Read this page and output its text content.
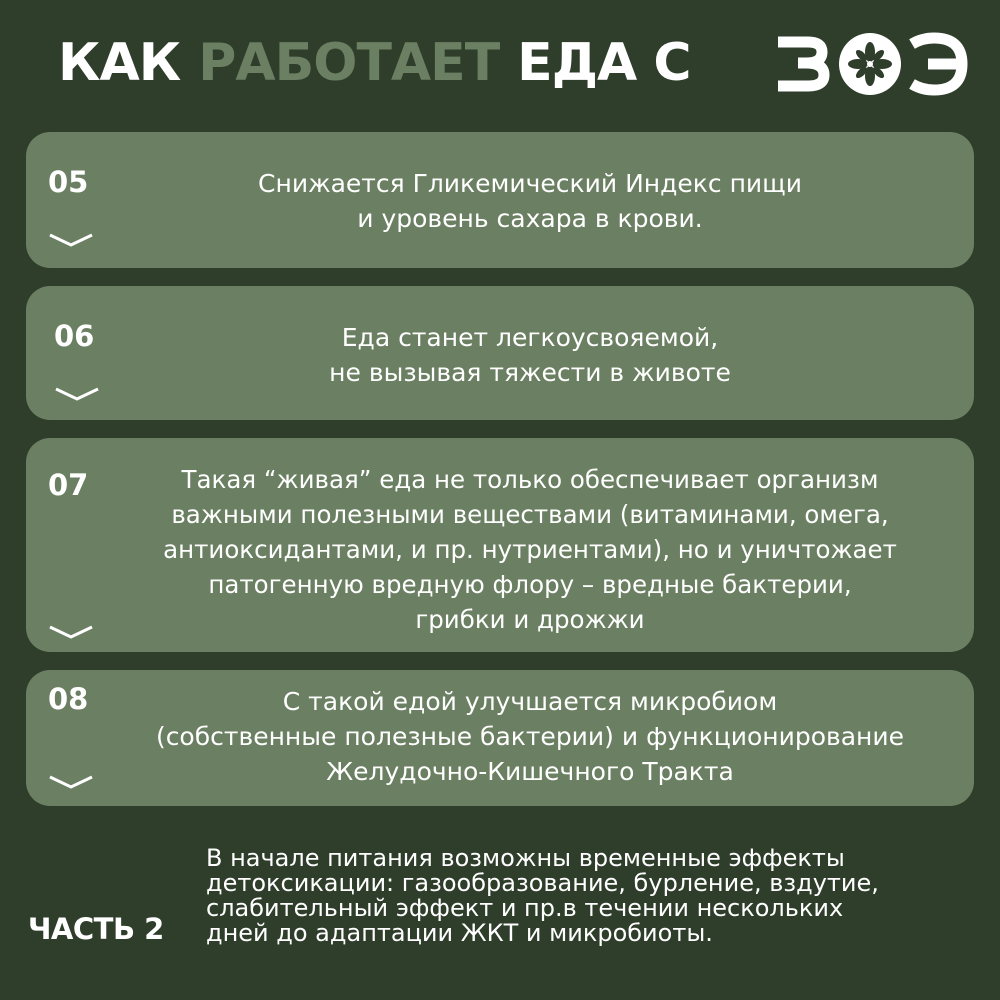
КАК РАБОТАЕТ ЕДА С
05	Снижается Гликемический Индекс пищи
и уровень сахара в крови.
06	Еда станет легкоусвояемой,
не вызывая тяжести в животе
07	Такая “живая” еда не только обеспечивает организм
важными полезными веществами (витаминами, омега,
антиоксидантами, и пр. нутриентами), но и уничтожает
патогенную вредную флору – вредные бактерии,
грибки и дрожжи
08	С такой едой улучшается микробиом
(собственные полезные бактерии) и функционирование
Желудочно-Кишечного Тракта
ЧАСТЬ 2
В начале питания возможны временные эффекты
детоксикации: газообразование, бурление, вздутие,
слабительный эффект и пр.в течении нескольких
дней до адаптации ЖКТ и микробиоты.
